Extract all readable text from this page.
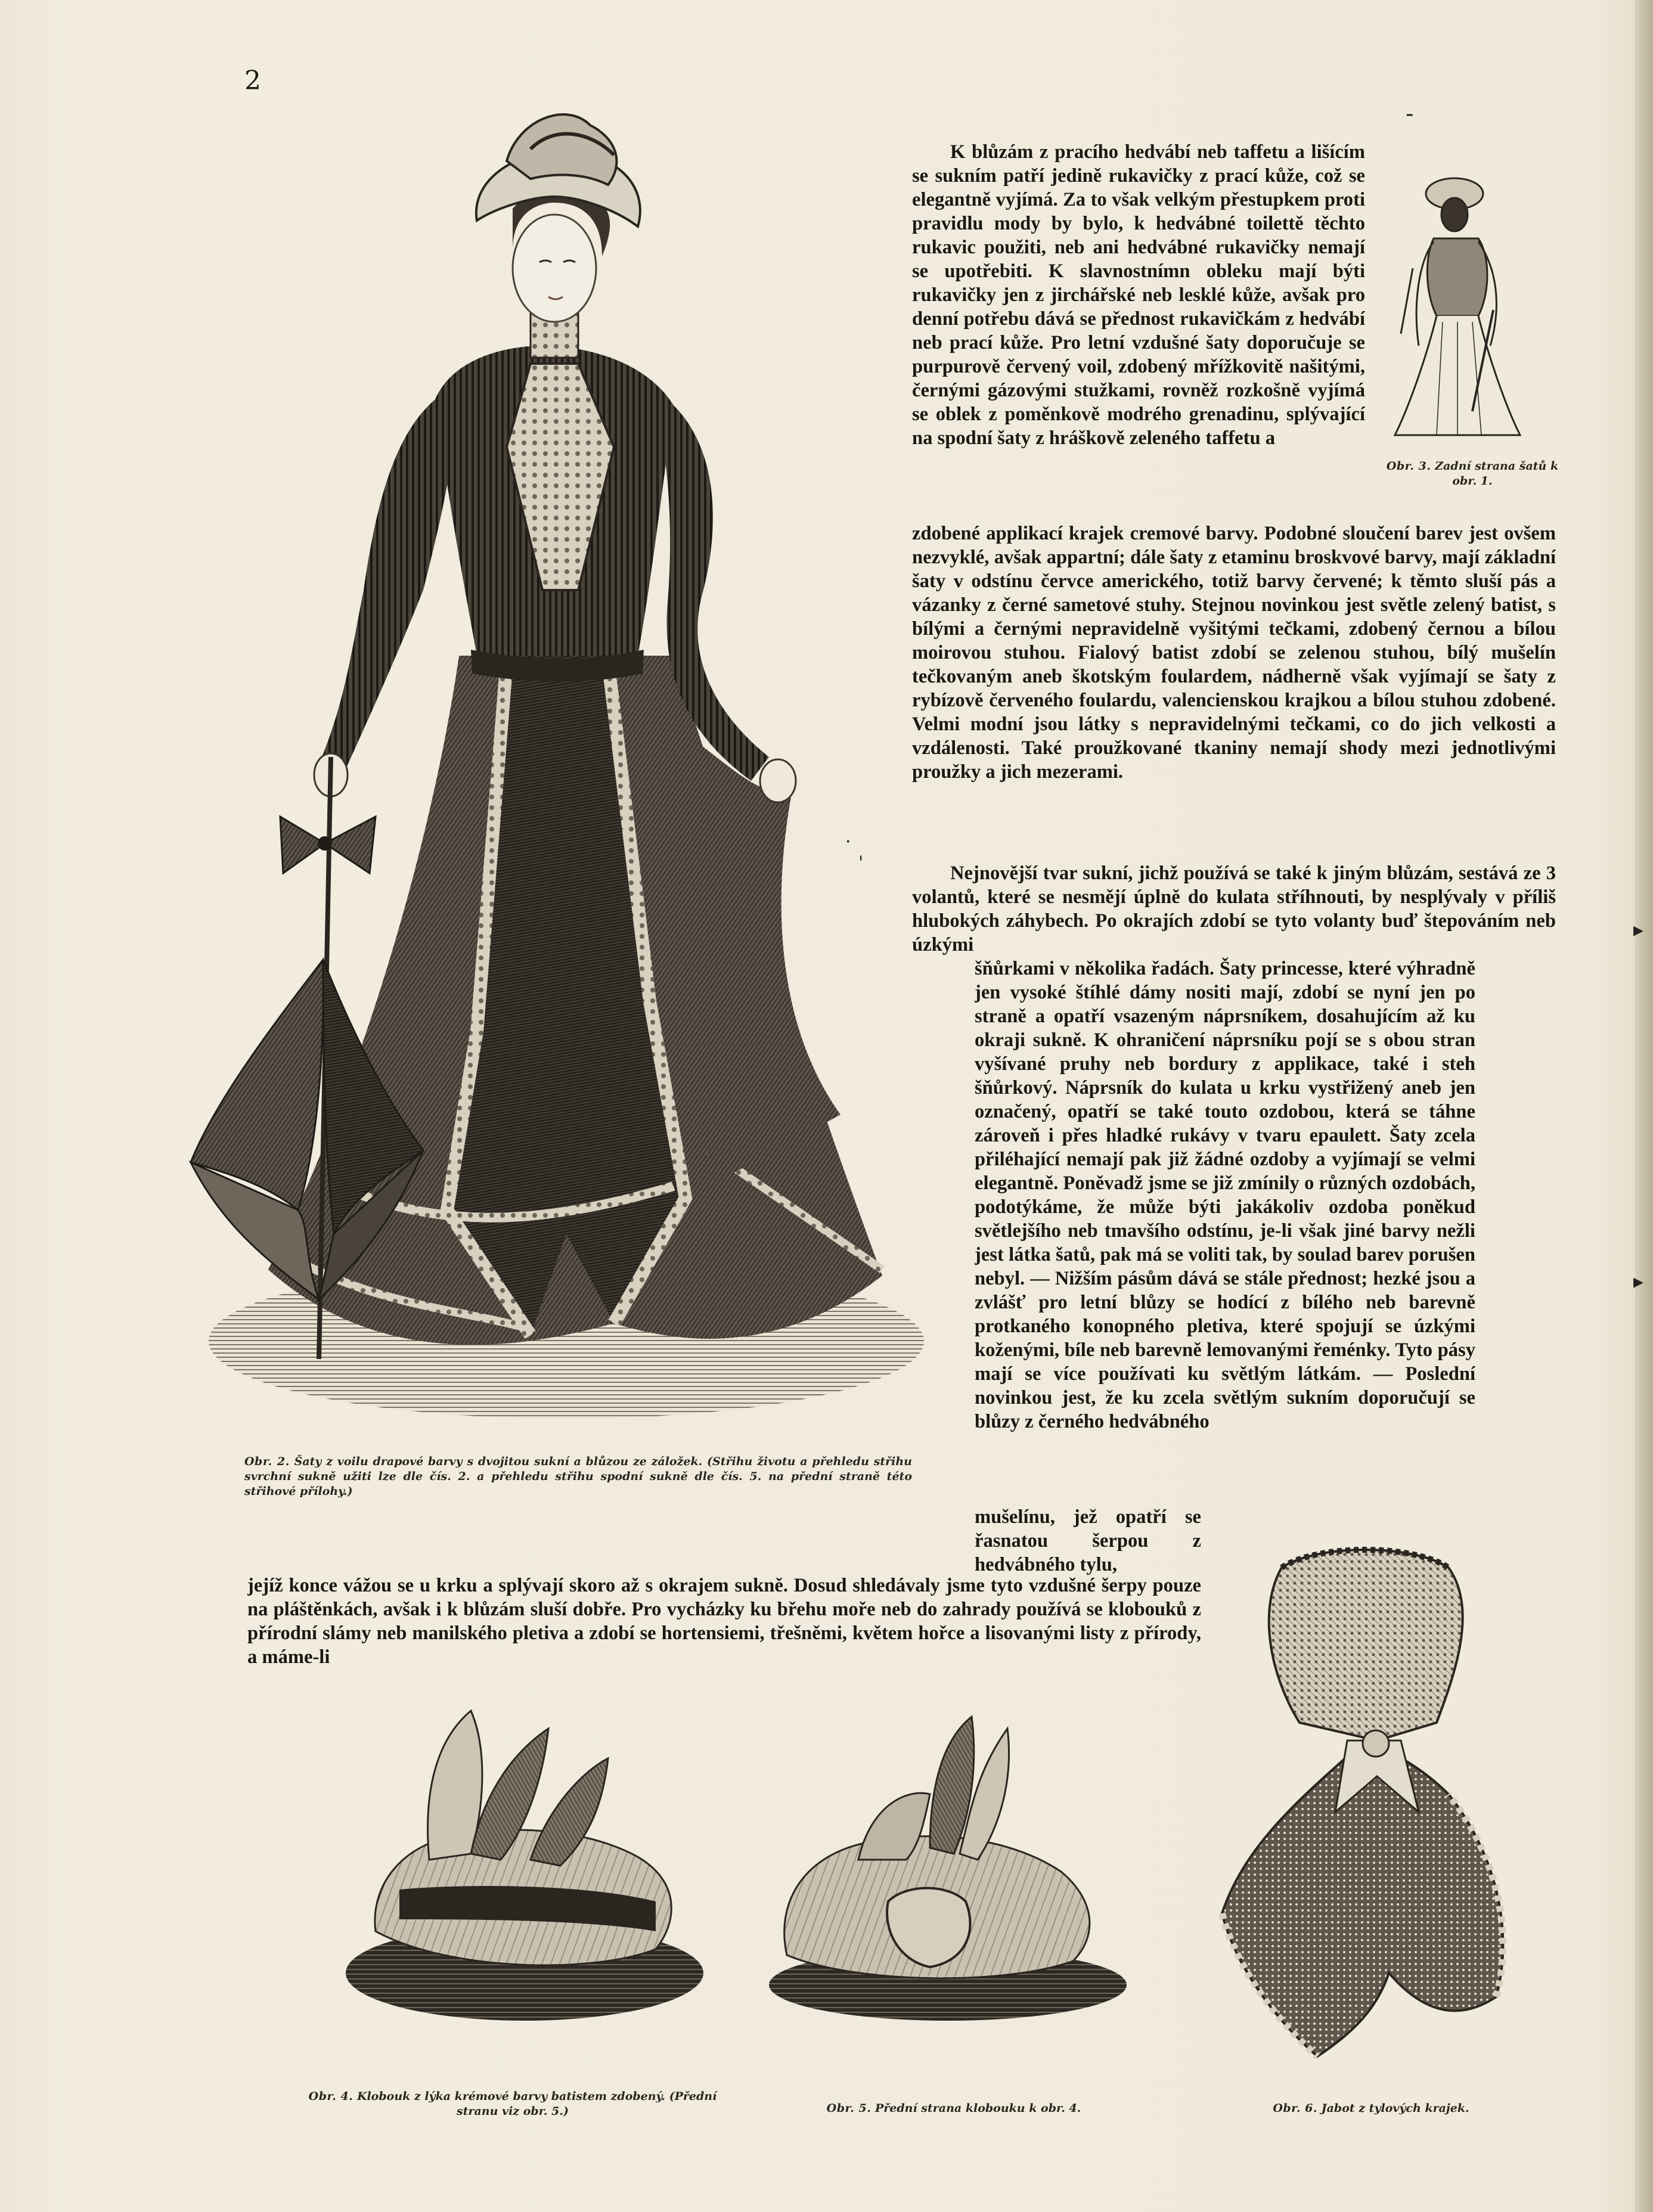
2
-
·
'
▸
▸
Obr. 3. Zadní strana šatů k obr. 1.

K blůzám z pracího hedvábí neb taffetu a lišícím se sukním patří jedině rukavičky z prací kůže, což se elegantně vyjímá. Za to však velkým přestupkem proti pravidlu mody by bylo, k hedvábné toilettě těchto rukavic použiti, neb ani hedvábné rukavičky nemají se upotřebiti. K slavnostnímn obleku mají býti rukavičky jen z jirchářské neb lesklé kůže, avšak pro denní potřebu dává se přednost rukavičkám z hedvábí neb prací kůže. Pro letní vzdušné šaty doporučuje se purpurově červený voil, zdobený mřížkovitě našitými, černými gázovými stužkami, rovněž rozkošně vyjímá se oblek z poměnkově modrého grenadinu, splývající na spodní šaty z hráškově zeleného taffetu a

zdobené applikací krajek cremové barvy. Podobné sloučení barev jest ovšem nezvyklé, avšak appartní; dále šaty z etaminu broskvové barvy, mají základní šaty v odstínu červce amerického, totiž barvy červené; k těmto sluší pás a vázanky z černé sametové stuhy. Stejnou novinkou jest světle zelený batist, s bílými a černými nepravidelně vyšitými tečkami, zdobený černou a bílou moirovou stuhou. Fialový batist zdobí se zelenou stuhou, bílý mušelín tečkovaným aneb škotským foulardem, nádherně však vyjímají se šaty z rybízově červeného foulardu, valencienskou krajkou a bílou stuhou zdobené. Velmi modní jsou látky s nepravidelnými tečkami, co do jich velkosti a vzdálenosti. Také proužkované tkaniny nemají shody mezi jednotlivými proužky a jich mezerami.

Nejnovější tvar sukní, jichž používá se také k jiným blůzám, sestává ze 3 volantů, které se nesmějí úplně do kulata stříhnouti, by nesplývaly v příliš hlubokých záhybech. Po okrajích zdobí se tyto volanty buď štepováním neb úzkými

šňůrkami v několika řadách. Šaty princesse, které výhradně jen vysoké štíhlé dámy nositi mají, zdobí se nyní jen po straně a opatří vsazeným náprsníkem, dosahujícím až ku okraji sukně. K ohraničení náprsníku pojí se s obou stran vyšívané pruhy neb bordury z applikace, také i steh šňůrkový. Náprsník do kulata u krku vystřižený aneb jen označený, opatří se také touto ozdobou, která se táhne zároveň i přes hladké rukávy v tvaru epaulett. Šaty zcela přiléhající nemají pak již žádné ozdoby a vyjímají se velmi elegantně. Poněvadž jsme se již zmínily o různých ozdobách, podotýkáme, že může býti jakákoliv ozdoba poněkud světlejšího neb tmavšího odstínu, je-li však jiné barvy nežli jest látka šatů, pak má se voliti tak, by soulad barev porušen nebyl. — Nižším pásům dává se stále přednost; hezké jsou a zvlášť pro letní blůzy se hodící z bílého neb barevně protkaného konopného pletiva, které spojují se úzkými koženými, bíle neb barevně lemovanými řeménky. Tyto pásy mají se více používati ku světlým látkám. — Poslední novinkou jest, že ku zcela světlým sukním doporučují se blůzy z černého hedvábného

mušelínu, jež opatří se řasnatou šerpou z hedvábného tylu,

jejíž konce vážou se u krku a splývají skoro až s okrajem sukně. Dosud shledávaly jsme tyto vzdušné šerpy pouze na pláštěnkách, avšak i k blůzám sluší dobře. Pro vycházky ku břehu moře neb do zahrady používá se klobouků z přírodní slámy neb manilského pletiva a zdobí se hortensiemi, třešněmi, květem hořce a lisovanými listy z přírody, a máme-li

Obr. 2. Šaty z voilu drapové barvy s dvojitou sukní a blůzou ze záložek. (Střihu životu a přehledu střihu svrchní sukně užiti lze dle čís. 2. a přehledu střihu spodní sukně dle čís. 5. na přední straně této střihové přílohy.)
Obr. 4. Klobouk z lýka krémové barvy batistem zdobený. (Přední stranu viz obr. 5.)	Obr. 5. Přední strana klobouku k obr. 4.	Obr. 6. Jabot z tylových krajek.
